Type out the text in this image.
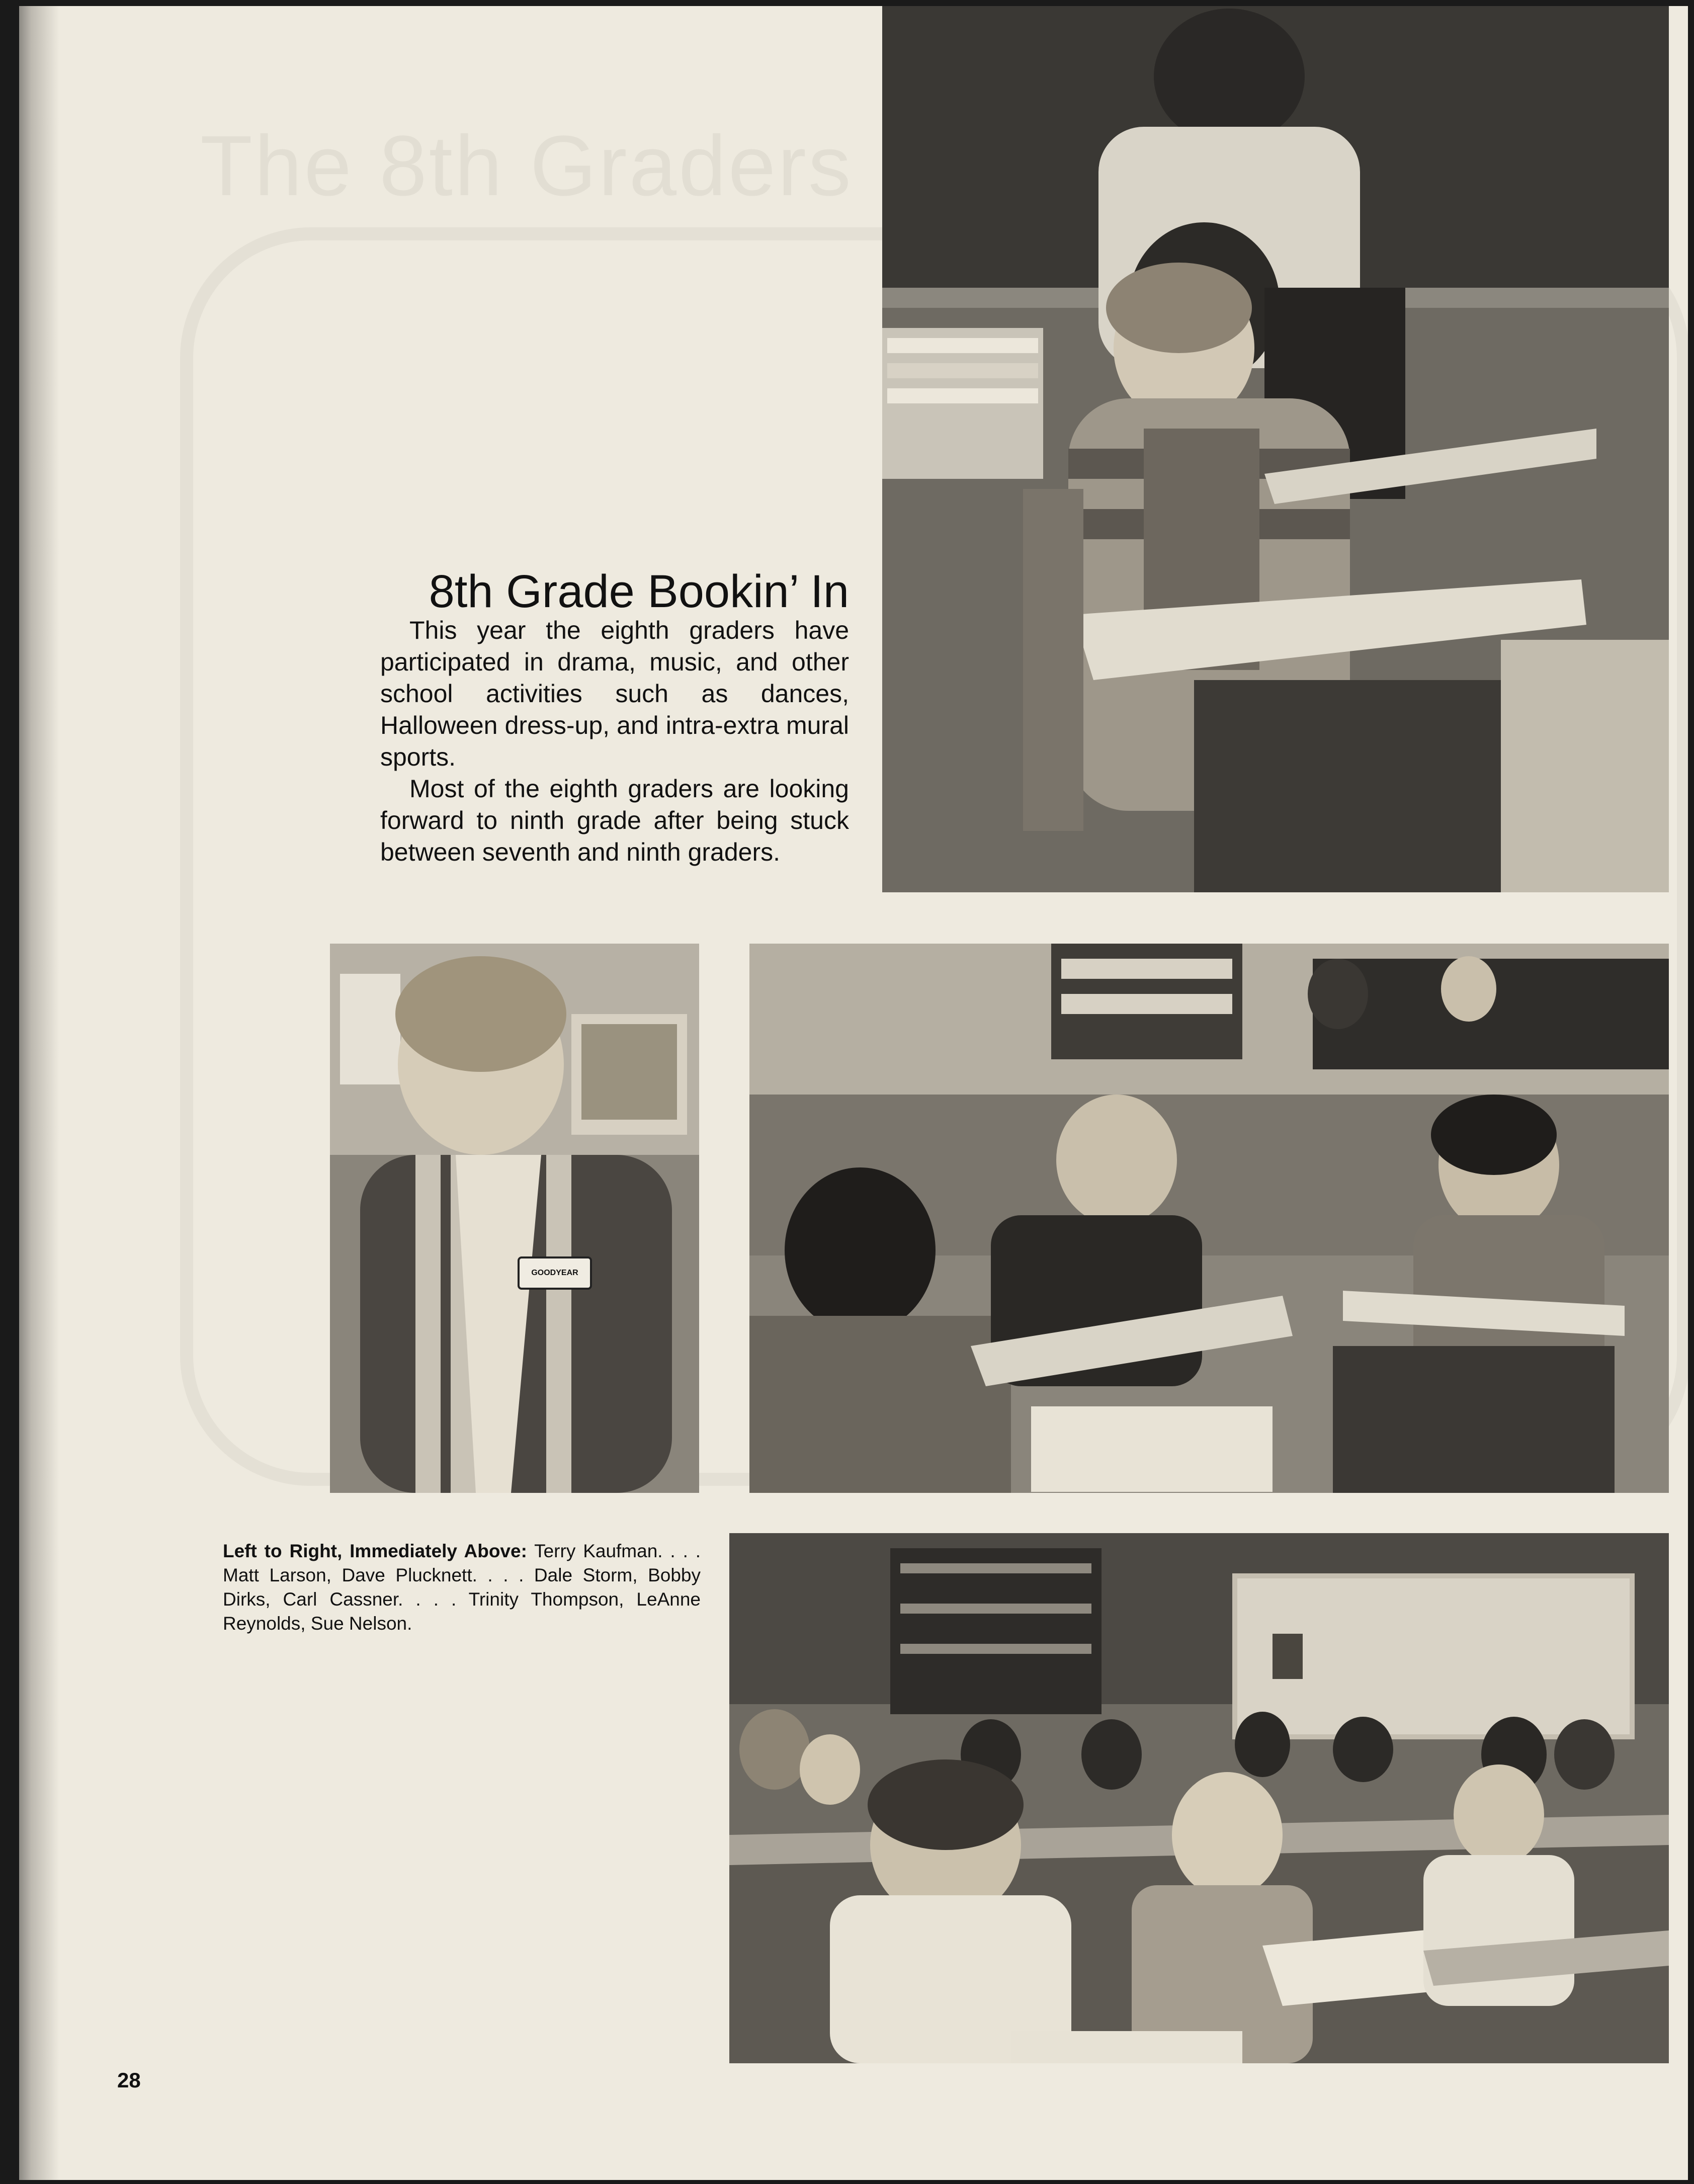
The 8th Graders
8th Grade Bookin’ In

This year the eighth graders have participated in drama, music, and other school activities such as dances, Halloween dress-up, and intra-extra mural sports.

Most of the eighth graders are looking forward to ninth grade after being stuck between seventh and ninth graders.

GOODYEAR
Left to Right, Immediately Above: Terry Kaufman. . . . Matt Larson, Dave Plucknett. . . . Dale Storm, Bobby Dirks, Carl Cassner. . . . Trinity Thompson, LeAnne Reynolds, Sue Nelson.
28
